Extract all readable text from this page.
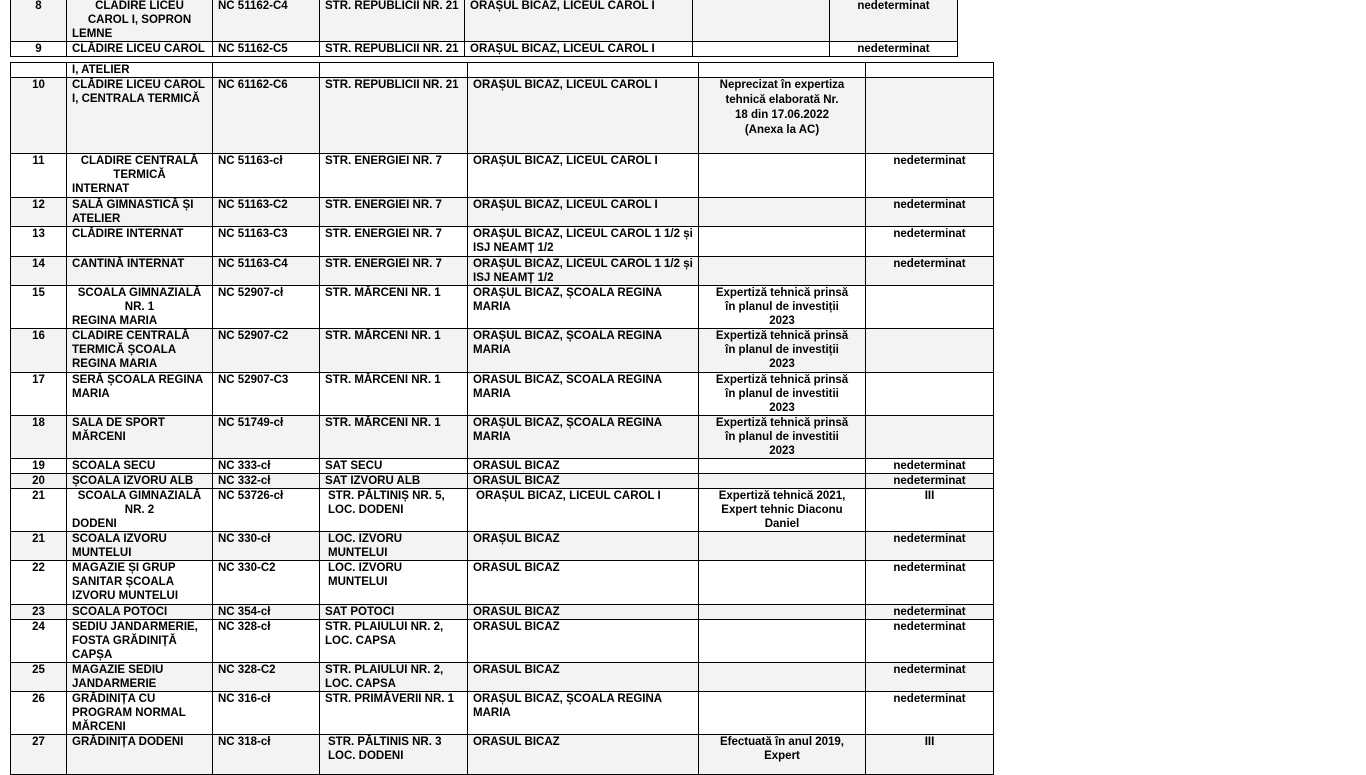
8	CLĂDIRE LICEU
CAROL I, SOPRON
LEMNE	NC 51162-C4	STR. REPUBLICII NR. 21	ORAȘUL BICAZ, LICEUL CAROL I		nedeterminat
9	CLĂDIRE LICEU CAROL	NC 51162-C5	STR. REPUBLICII NR. 21	ORAȘUL BICAZ, LICEUL CAROL I		nedeterminat
	I, ATELIER					
10	CLĂDIRE LICEU CAROL I, CENTRALA TERMICĂ	NC 61162-C6	STR. REPUBLICII NR. 21	ORAȘUL BICAZ, LICEUL CAROL I	Neprecizat în expertiza tehnică elaborată Nr. 18 din 17.06.2022 (Anexa la AC)	
11	CLADIRE CENTRALĂ
TERMICĂ
INTERNAT	NC 51163-cł	STR. ENERGIEI NR. 7	ORAȘUL BICAZ, LICEUL CAROL I		nedeterminat
12	SALĂ GIMNASTICĂ ȘI ATELIER	NC 51163-C2	STR. ENERGIEI NR. 7	ORAȘUL BICAZ, LICEUL CAROL I		nedeterminat
13	CLĂDIRE INTERNAT	NC 51163-C3	STR. ENERGIEI NR. 7	ORAȘUL BICAZ, LICEUL CAROL 1 1/2 și ISJ NEAMȚ 1/2		nedeterminat
14	CANTINĂ INTERNAT	NC 51163-C4	STR. ENERGIEI NR. 7	ORAȘUL BICAZ, LICEUL CAROL 1 1/2 și ISJ NEAMȚ 1/2		nedeterminat
15	SCOALA GIMNAZIALĂ
NR. 1
REGINA MARIA	NC 52907-cł	STR. MĂRCENI NR. 1	ORAȘUL BICAZ, ȘCOALA REGINA MARIA	Expertiză tehnică prinsă în planul de investiții 2023	
16	CLADIRE CENTRALĂ TERMICĂ ȘCOALA REGINA MARIA	NC 52907-C2	STR. MĂRCENI NR. 1	ORAȘUL BICAZ, ȘCOALA REGINA MARIA	Expertiză tehnică prinsă în planul de investiții 2023	
17	SERĂ ȘCOALA REGINA MARIA	NC 52907-C3	STR. MĂRCENI NR. 1	ORASUL BICAZ, SCOALA REGINA MARIA	Expertiză tehnică prinsă în planul de investitii 2023	
18	SALA DE SPORT MĂRCENI	NC 51749-cł	STR. MĂRCENI NR. 1	ORAȘUL BICAZ, ȘCOALA REGINA MARIA	Expertiză tehnică prinsă în planul de investitii 2023	
19	SCOALA SECU	NC 333-cł	SAT SECU	ORASUL BICAZ		nedeterminat
20	ȘCOALA IZVORU ALB	NC 332-cł	SAT IZVORU ALB	ORASUL BICAZ		nedeterminat
21	SCOALA GIMNAZIALĂ
NR. 2
DODENI	NC 53726-cł	STR. PĂLTINIȘ NR. 5, LOC. DODENI	ORAȘUL BICAZ, LICEUL CAROL I	Expertiză tehnică 2021, Expert tehnic Diaconu Daniel	III
21	SCOALA IZVORU MUNTELUI	NC 330-cł	LOC. IZVORU MUNTELUI	ORAȘUL BICAZ		nedeterminat
22	MAGAZIE ȘI GRUP SANITAR ȘCOALA IZVORU MUNTELUI	NC 330-C2	LOC. IZVORU MUNTELUI	ORASUL BICAZ		nedeterminat
23	SCOALA POTOCI	NC 354-cł	SAT POTOCI	ORASUL BICAZ		nedeterminat
24	SEDIU JANDARMERIE, FOSTA GRĂDINIȚĂ CAPȘA	NC 328-cł	STR. PLAIULUI NR. 2, LOC. CAPSA	ORASUL BICAZ		nedeterminat
25	MAGAZIE SEDIU JANDARMERIE	NC 328-C2	STR. PLAIULUI NR. 2, LOC. CAPSA	ORASUL BICAZ		nedeterminat
26	GRĂDINIȚA CU PROGRAM NORMAL MĂRCENI	NC 316-cł	STR. PRIMĂVERII NR. 1	ORAȘUL BICAZ, ȘCOALA REGINA MARIA		nedeterminat
27	GRĂDINIȚA DODENI	NC 318-cł	STR. PĂLTINIS NR. 3 LOC. DODENI	ORASUL BICAZ	Efectuată în anul 2019, Expert	III
